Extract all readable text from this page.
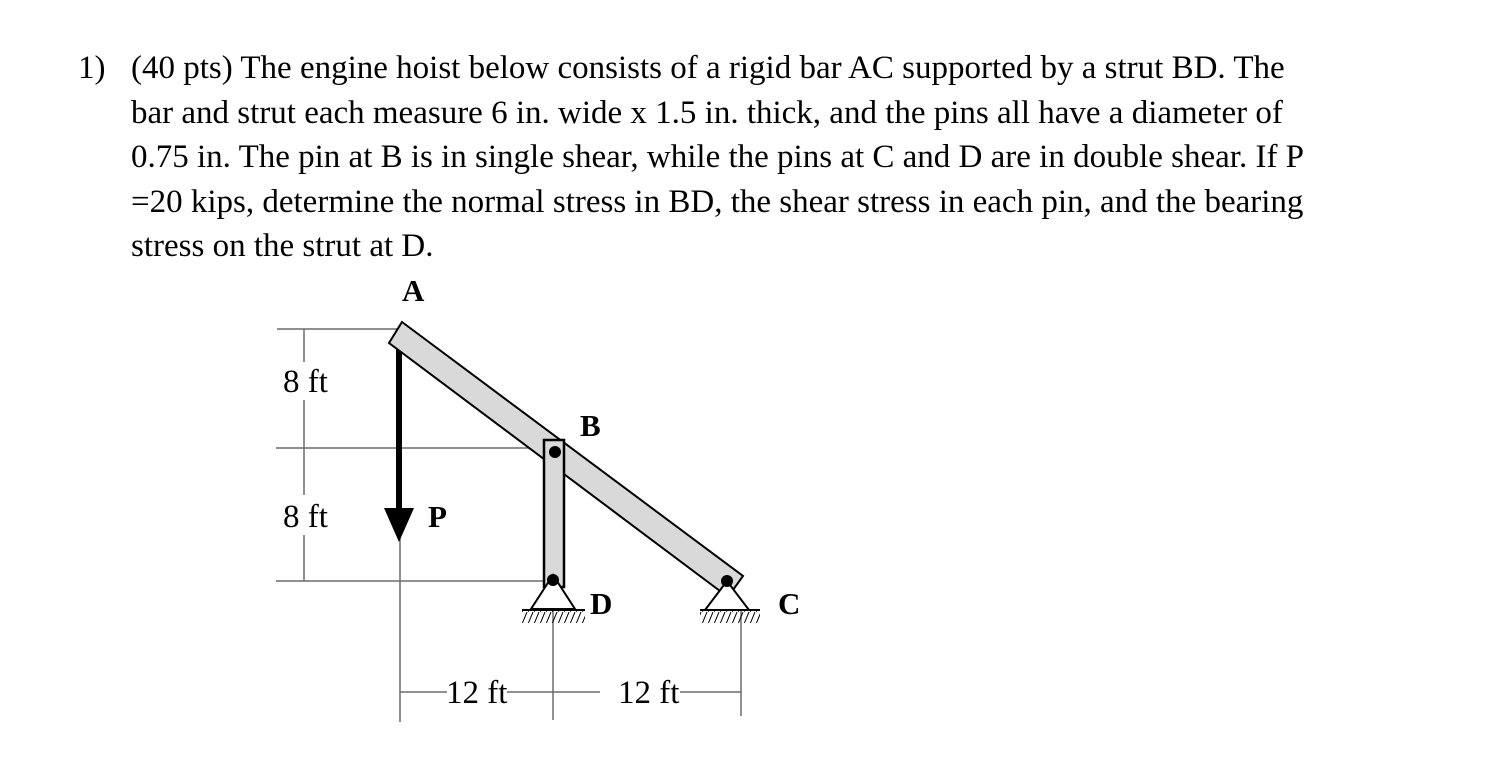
1) (40 pts) The engine hoist below consists of a rigid bar AC supported by a strut BD. The
bar and strut each measure 6 in. wide x 1.5 in. thick, and the pins all have a diameter of
0.75 in. The pin at B is in single shear, while the pins at C and D are in double shear. If P
=20 kips, determine the normal stress in BD, the shear stress in each pin, and the bearing
stress on the strut at D.
8 ft
8 ft
12 ft	12 ft
P
D	C
A
B
